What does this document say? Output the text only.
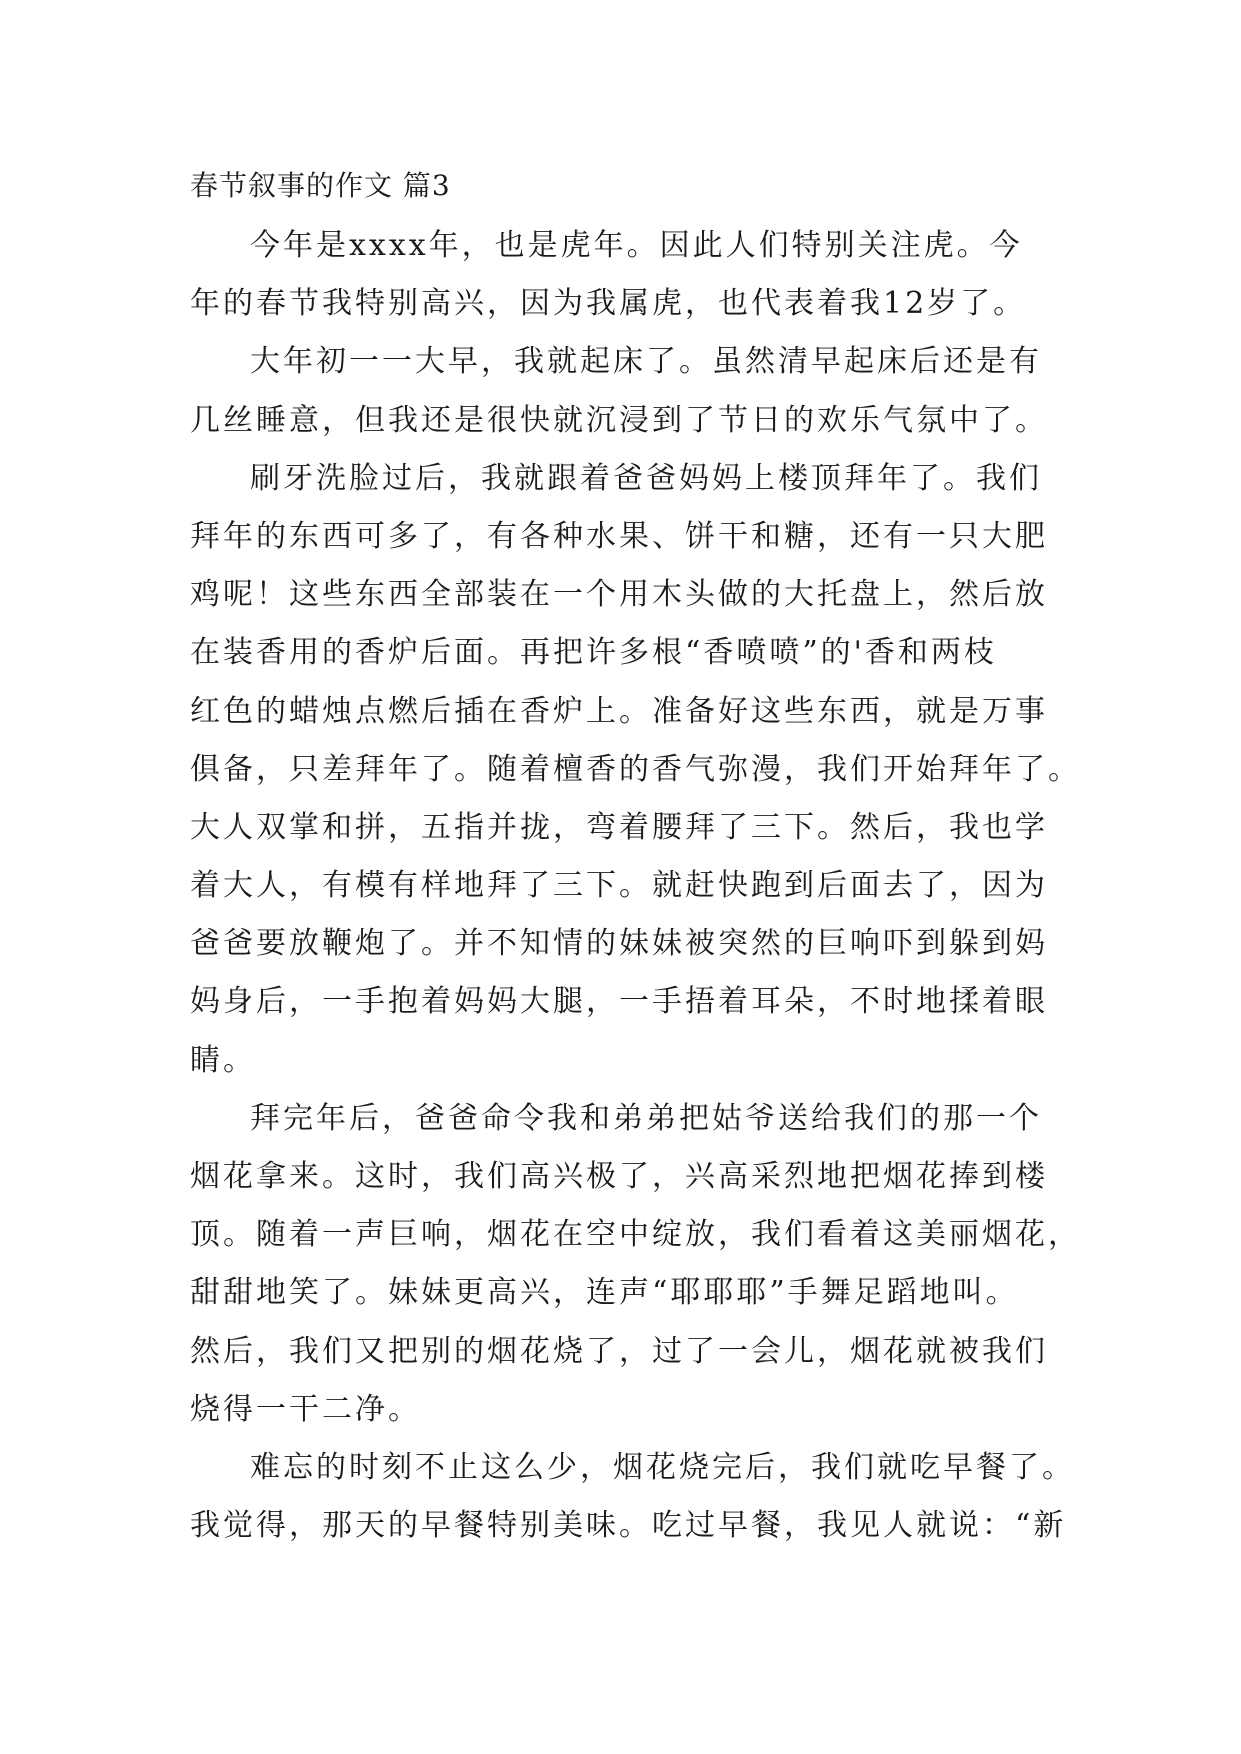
春节叙事的作文 篇3
今年是xxxx年，也是虎年。因此人们特别关注虎。今
年的春节我特别高兴，因为我属虎，也代表着我12岁了。
大年初一一大早，我就起床了。虽然清早起床后还是有
几丝睡意，但我还是很快就沉浸到了节日的欢乐气氛中了。
刷牙洗脸过后，我就跟着爸爸妈妈上楼顶拜年了。我们
拜年的东西可多了，有各种水果、饼干和糖，还有一只大肥
鸡呢！这些东西全部装在一个用木头做的大托盘上，然后放
在装香用的香炉后面。再把许多根“香喷喷”的'香和两枝
红色的蜡烛点燃后插在香炉上。准备好这些东西，就是万事
俱备，只差拜年了。随着檀香的香气弥漫，我们开始拜年了。
大人双掌和拼，五指并拢，弯着腰拜了三下。然后，我也学
着大人，有模有样地拜了三下。就赶快跑到后面去了，因为
爸爸要放鞭炮了。并不知情的妹妹被突然的巨响吓到躲到妈
妈身后，一手抱着妈妈大腿，一手捂着耳朵，不时地揉着眼
睛。
拜完年后，爸爸命令我和弟弟把姑爷送给我们的那一个
烟花拿来。这时，我们高兴极了，兴高采烈地把烟花捧到楼
顶。随着一声巨响，烟花在空中绽放，我们看着这美丽烟花，
甜甜地笑了。妹妹更高兴，连声“耶耶耶”手舞足蹈地叫。
然后，我们又把别的烟花烧了，过了一会儿，烟花就被我们
烧得一干二净。
难忘的时刻不止这么少，烟花烧完后，我们就吃早餐了。
我觉得，那天的早餐特别美味。吃过早餐，我见人就说：“新
